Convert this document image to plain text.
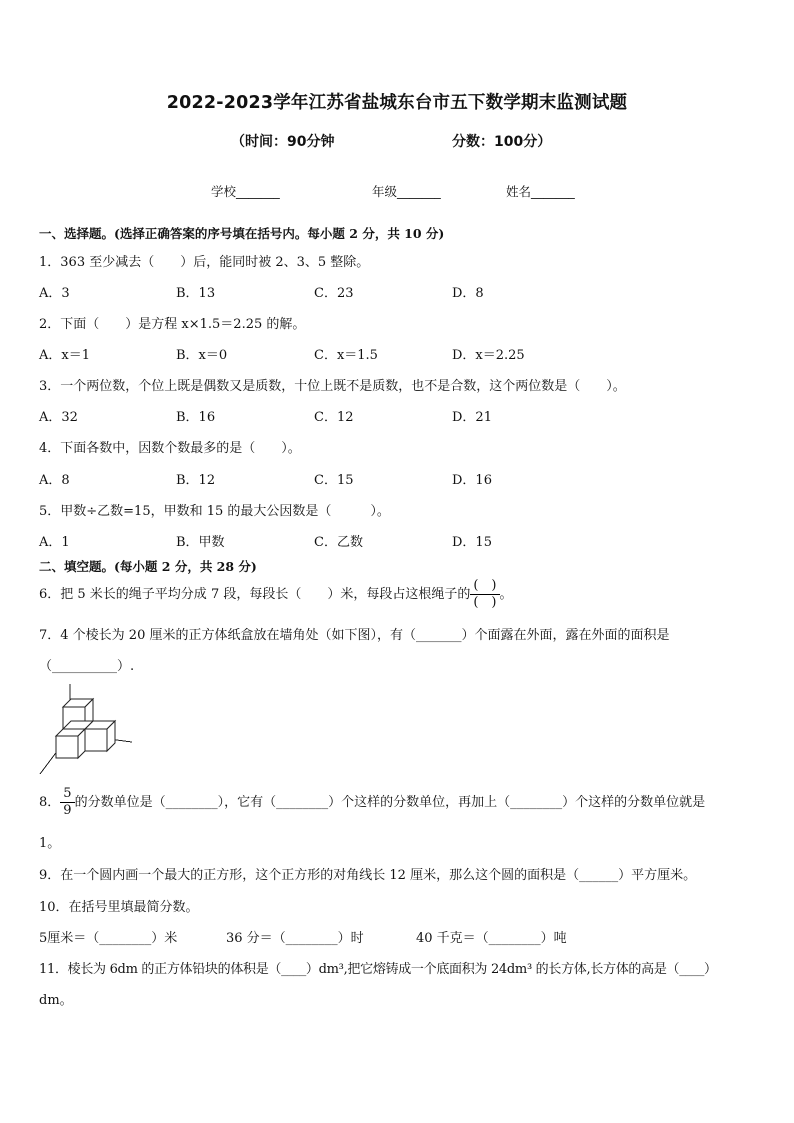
2022-2023学年江苏省盐城东台市五下数学期末监测试题
（时间：90分钟	分数：100分）
学校_______	年级_______	姓名_______
一、选择题。(选择正确答案的序号填在括号内。每小题 2 分，共 10 分)
1．363 至少减去（　　）后，能同时被 2、3、5 整除。
A．3	B．13	C．23	D．8
2．下面（　　）是方程 x×1.5＝2.25 的解。
A．x＝1	B．x＝0	C．x＝1.5	D．x＝2.25
3．一个两位数，个位上既是偶数又是质数，十位上既不是质数，也不是合数，这个两位数是（　　）。
A．32	B．16	C．12	D．21
4．下面各数中，因数个数最多的是（　　）。
A．8	B．12	C．15	D．16
5．甲数÷乙数=15，甲数和 15 的最大公因数是（　　　）。
A．1	B．甲数	C．乙数	D．15
二、填空题。(每小题 2 分，共 28 分)
6．把 5 米长的绳子平均分成 7 段，每段长（　　）米，每段占这根绳子的 $\frac{( )}{( )}$ 。
7．4 个棱长为 20 厘米的正方体纸盒放在墙角处（如下图），有（_______）个面露在外面，露在外面的面积是
（__________）.
8． $\frac{5}{9}$ 的分数单位是（________），它有（________）个这样的分数单位，再加上（________）个这样的分数单位就是
1。
9．在一个圆内画一个最大的正方形，这个正方形的对角线长 12 厘米，那么这个圆的面积是（______）平方厘米。
10．在括号里填最简分数。
5厘米＝（________）米	36 分＝（________）时	40 千克＝（________）吨
11．棱长为 6dm 的正方体铅块的体积是（____）dm³,把它熔铸成一个底面积为 24dm³ 的长方体,长方体的高是（____）
dm。
